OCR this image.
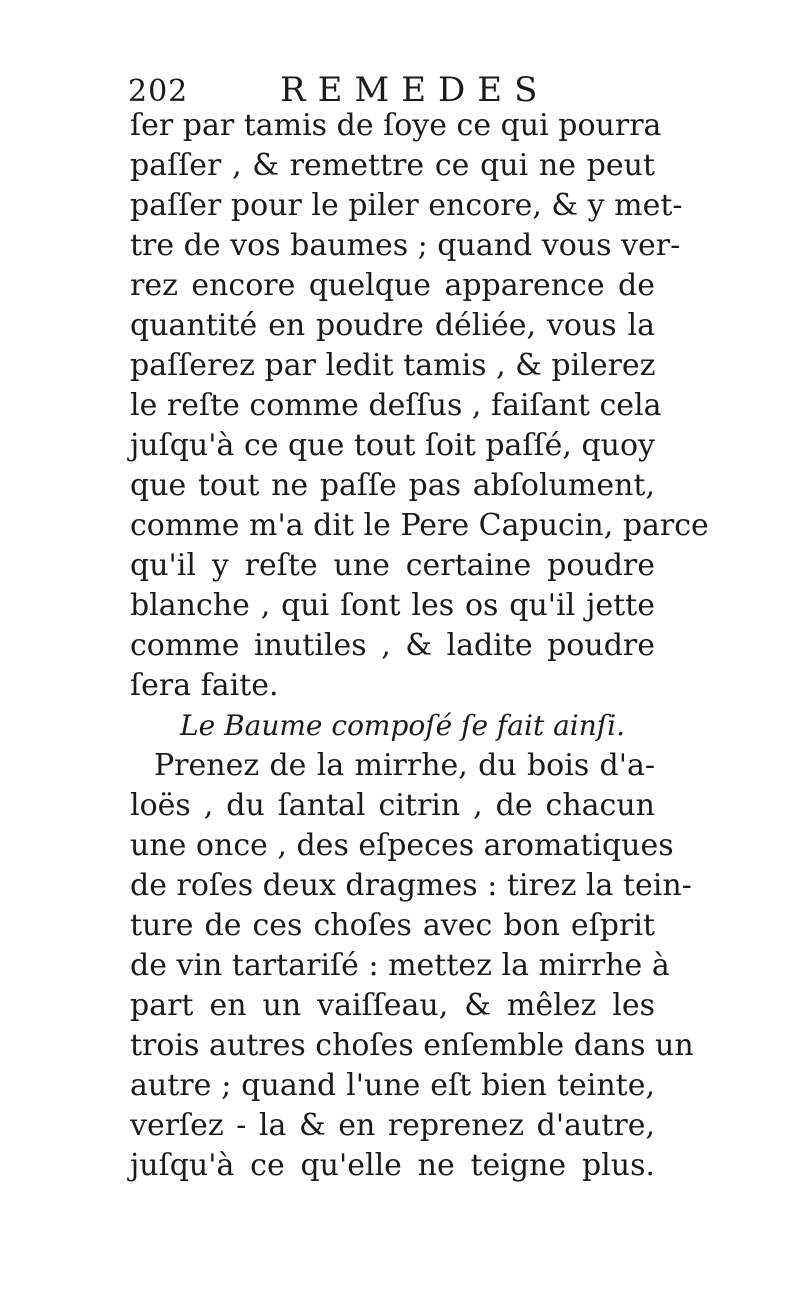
202	REMEDES
ſer par tamis de ſoye ce qui pourra
paſſer , & remettre ce qui ne peut
paſſer pour le piler encore, & y met-
tre de vos baumes ; quand vous ver-
rez encore quelque apparence de
quantité en poudre déliée, vous la
paſſerez par ledit tamis , & pilerez
le reſte comme deſſus , faiſant cela
juſqu'à ce que tout ſoit paſſé, quoy
que tout ne paſſe pas abſolument,
comme m'a dit le Pere Capucin, parce
qu'il y reſte une certaine poudre
blanche , qui ſont les os qu'il jette
comme inutiles , & ladite poudre
ſera faite.
Le Baume compoſé ſe fait ainſi.
Prenez de la mirrhe, du bois d'a-
loës , du ſantal citrin , de chacun
une once , des eſpeces aromatiques
de roſes deux dragmes : tirez la tein-
ture de ces choſes avec bon eſprit
de vin tartariſé : mettez la mirrhe à
part en un vaiſſeau, & mêlez les
trois autres choſes enſemble dans un
autre ; quand l'une eſt bien teinte,
verſez - la & en reprenez d'autre,
juſqu'à ce qu'elle ne teigne plus.
